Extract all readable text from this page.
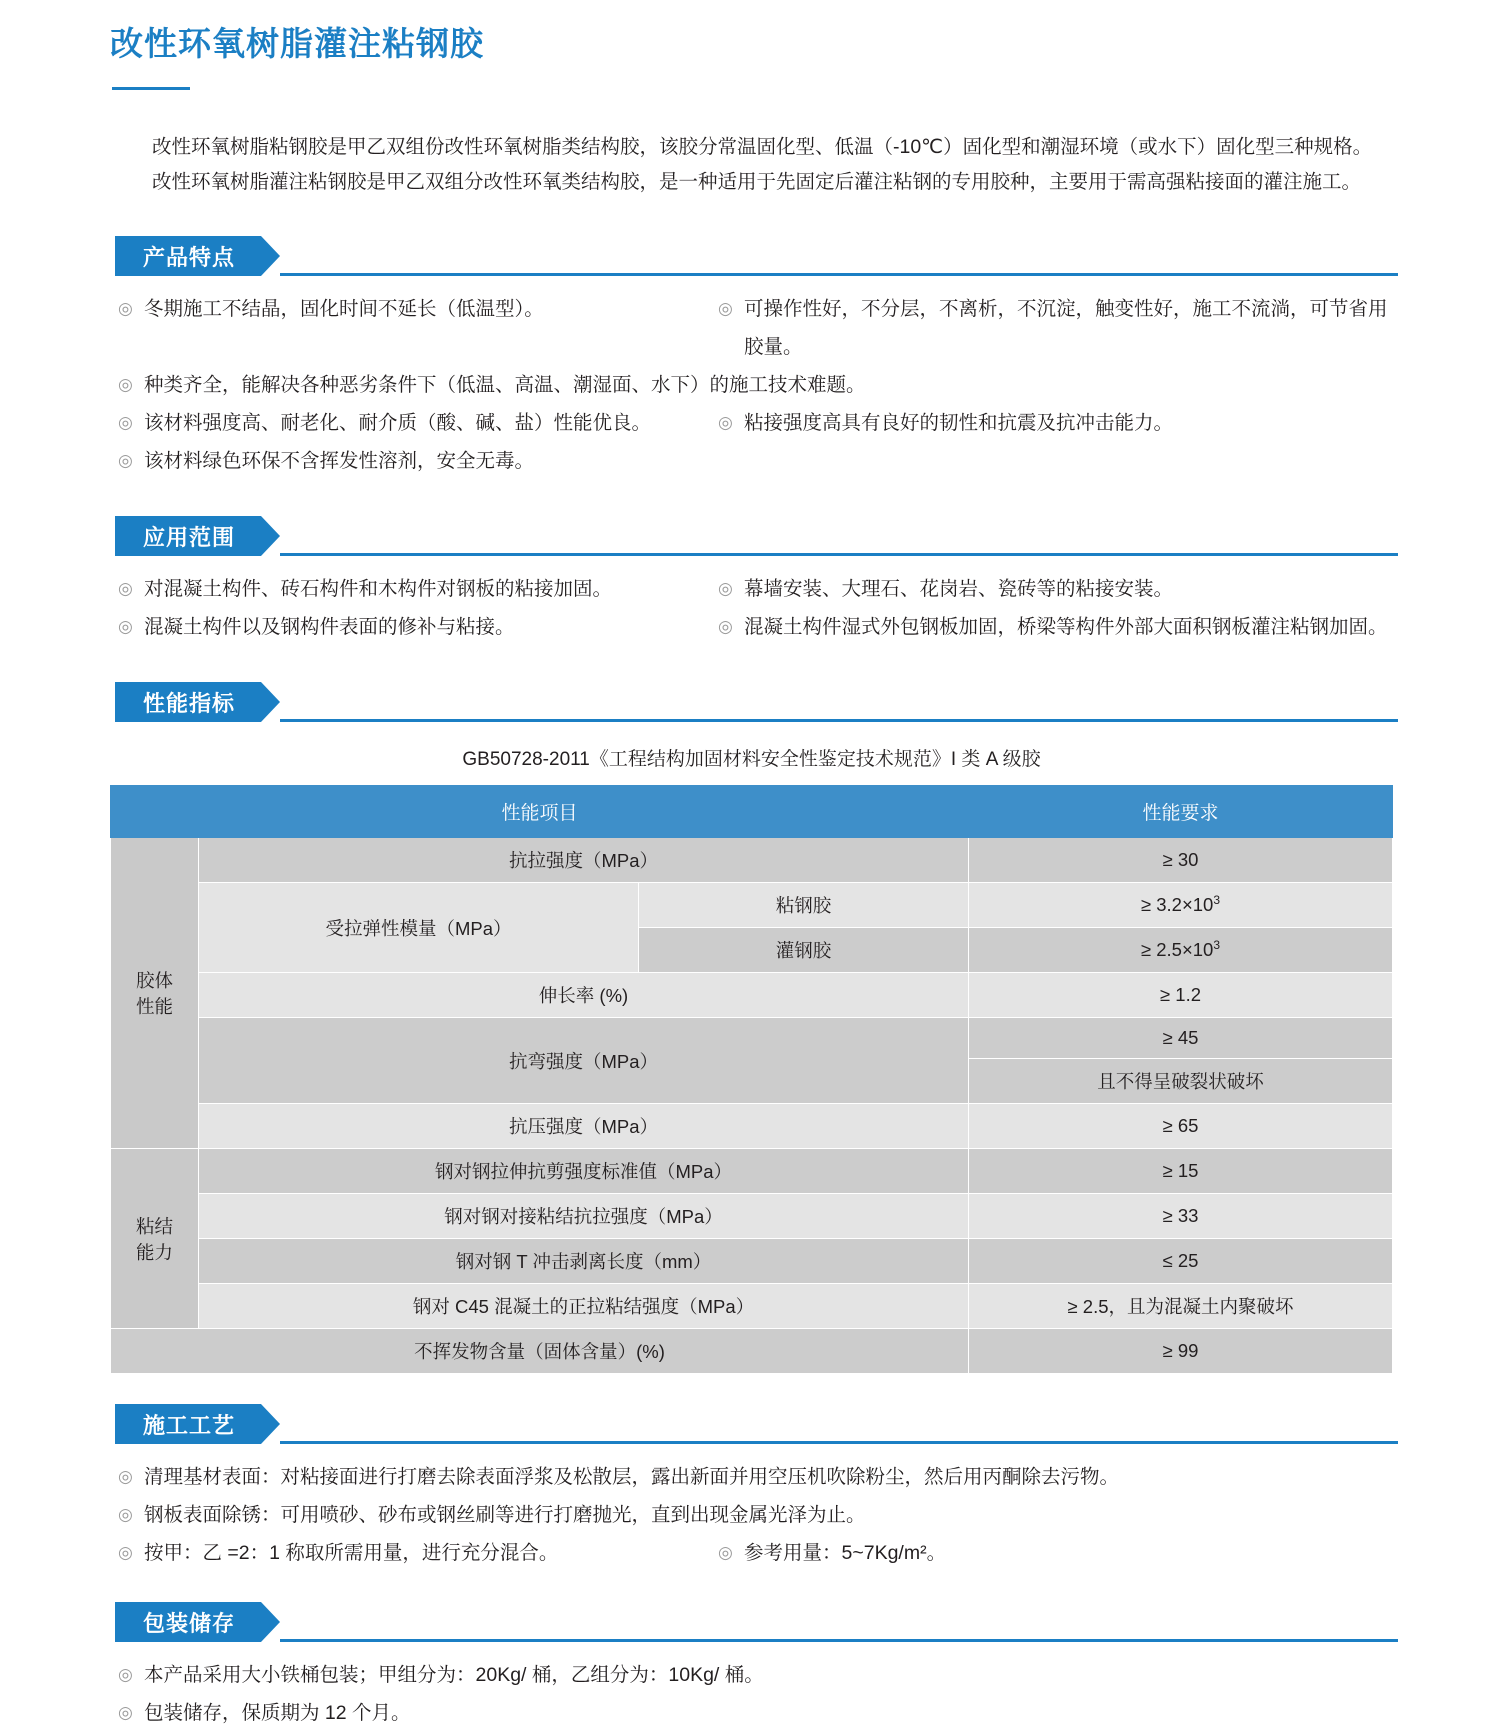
改性环氧树脂灌注粘钢胶

改性环氧树脂粘钢胶是甲乙双组份改性环氧树脂类结构胶，该胶分常温固化型、低温（-10℃）固化型和潮湿环境（或水下）固化型三种规格。

改性环氧树脂灌注粘钢胶是甲乙双组分改性环氧类结构胶，是一种适用于先固定后灌注粘钢的专用胶种，主要用于需高强粘接面的灌注施工。

产品特点
◎ 冬期施工不结晶，固化时间不延长（低温型）。	◎ 可操作性好，不分层，不离析，不沉淀，触变性好，施工不流淌，可节省用胶量。
◎ 种类齐全，能解决各种恶劣条件下（低温、高温、潮湿面、水下）的施工技术难题。
◎ 该材料强度高、耐老化、耐介质（酸、碱、盐）性能优良。	◎ 粘接强度高具有良好的韧性和抗震及抗冲击能力。
◎ 该材料绿色环保不含挥发性溶剂，安全无毒。
应用范围
◎ 对混凝土构件、砖石构件和木构件对钢板的粘接加固。	◎ 幕墙安装、大理石、花岗岩、瓷砖等的粘接安装。
◎ 混凝土构件以及钢构件表面的修补与粘接。	◎ 混凝土构件湿式外包钢板加固，桥梁等构件外部大面积钢板灌注粘钢加固。
性能指标
GB50728-2011《工程结构加固材料安全性鉴定技术规范》I 类 A 级胶
性能项目			性能要求
胶体
性能	抗拉强度（MPa）		≥ 30
	受拉弹性模量（MPa）	粘钢胶	≥ $3.2\times 10^3$
		灌钢胶	≥ $2.5\times 10^3$
	伸长率 (%)		≥ 1.2
	抗弯强度（MPa）		≥ 45
			且不得呈破裂状破坏
	抗压强度（MPa）		≥ 65
粘结
能力	钢对钢拉伸抗剪强度标准值（MPa）		≥ 15
	钢对钢对接粘结抗拉强度（MPa）		≥ 33
	钢对钢 T 冲击剥离长度（mm）		≤ 25
	钢对 C45 混凝土的正拉粘结强度（MPa）		≥ 2.5，且为混凝土内聚破坏
不挥发物含量（固体含量）(%)			≥ 99
施工工艺
◎ 清理基材表面：对粘接面进行打磨去除表面浮浆及松散层，露出新面并用空压机吹除粉尘，然后用丙酮除去污物。
◎ 钢板表面除锈：可用喷砂、砂布或钢丝刷等进行打磨抛光，直到出现金属光泽为止。
◎ 按甲：乙 =2：1 称取所需用量，进行充分混合。	◎ 参考用量：5~7Kg/m²。
包装储存
◎ 本产品采用大小铁桶包装；甲组分为：20Kg/ 桶，乙组分为：10Kg/ 桶。
◎ 包装储存，保质期为 12 个月。
